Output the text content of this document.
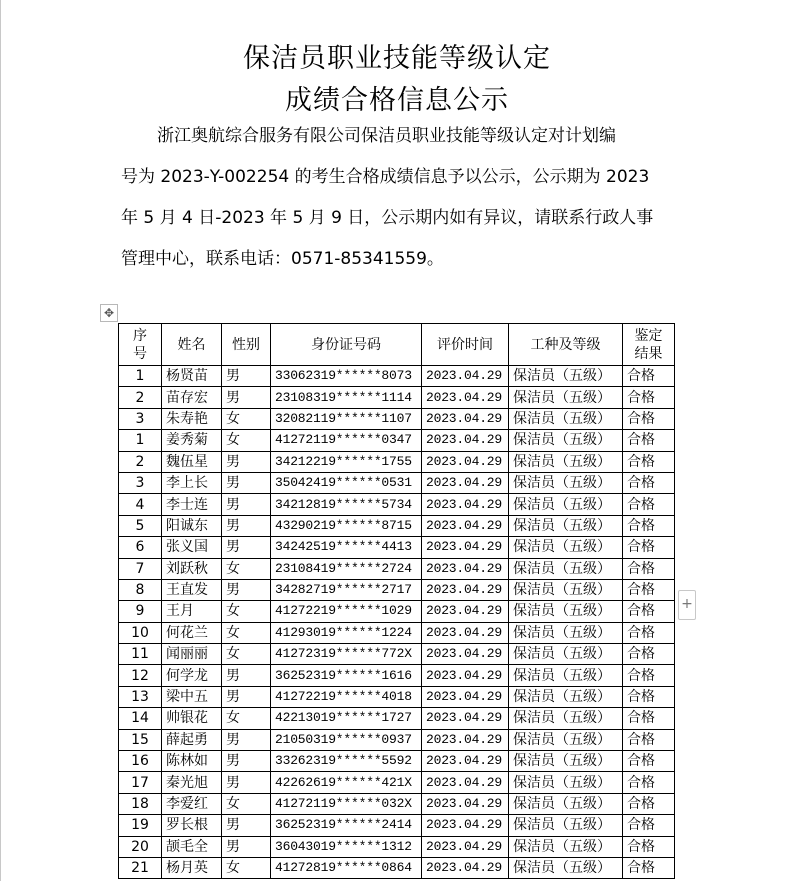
保洁员职业技能等级认定
成绩合格信息公示
浙江奥航综合服务有限公司保洁员职业技能等级认定对计划编
号为 2023-Y-002254 的考生合格成绩信息予以公示，公示期为 2023
年 5 月 4 日-2023 年 5 月 9 日，公示期内如有异议，请联系行政人事
管理中心，联系电话：0571-85341559。
✥
+
序号	姓名	性别	身份证号码	评价时间	工种及等级	鉴定结果
1	杨贤苗	男	33062319******8073	2023.04.29	保洁员（五级）	合格
2	苗存宏	男	23108319******1114	2023.04.29	保洁员（五级）	合格
3	朱寿艳	女	32082119******1107	2023.04.29	保洁员（五级）	合格
1	姜秀菊	女	41272119******0347	2023.04.29	保洁员（五级）	合格
2	魏伍星	男	34212219******1755	2023.04.29	保洁员（五级）	合格
3	李上长	男	35042419******0531	2023.04.29	保洁员（五级）	合格
4	李士连	男	34212819******5734	2023.04.29	保洁员（五级）	合格
5	阳诚东	男	43290219******8715	2023.04.29	保洁员（五级）	合格
6	张义国	男	34242519******4413	2023.04.29	保洁员（五级）	合格
7	刘跃秋	女	23108419******2724	2023.04.29	保洁员（五级）	合格
8	王直发	男	34282719******2717	2023.04.29	保洁员（五级）	合格
9	王月	女	41272219******1029	2023.04.29	保洁员（五级）	合格
10	何花兰	女	41293019******1224	2023.04.29	保洁员（五级）	合格
11	闻丽丽	女	41272319******772X	2023.04.29	保洁员（五级）	合格
12	何学龙	男	36252319******1616	2023.04.29	保洁员（五级）	合格
13	梁中五	男	41272219******4018	2023.04.29	保洁员（五级）	合格
14	帅银花	女	42213019******1727	2023.04.29	保洁员（五级）	合格
15	薛起勇	男	21050319******0937	2023.04.29	保洁员（五级）	合格
16	陈林如	男	33262319******5592	2023.04.29	保洁员（五级）	合格
17	秦光旭	男	42262619******421X	2023.04.29	保洁员（五级）	合格
18	李爱红	女	41272119******032X	2023.04.29	保洁员（五级）	合格
19	罗长根	男	36252319******2414	2023.04.29	保洁员（五级）	合格
20	颉毛全	男	36043019******1312	2023.04.29	保洁员（五级）	合格
21	杨月英	女	41272819******0864	2023.04.29	保洁员（五级）	合格
